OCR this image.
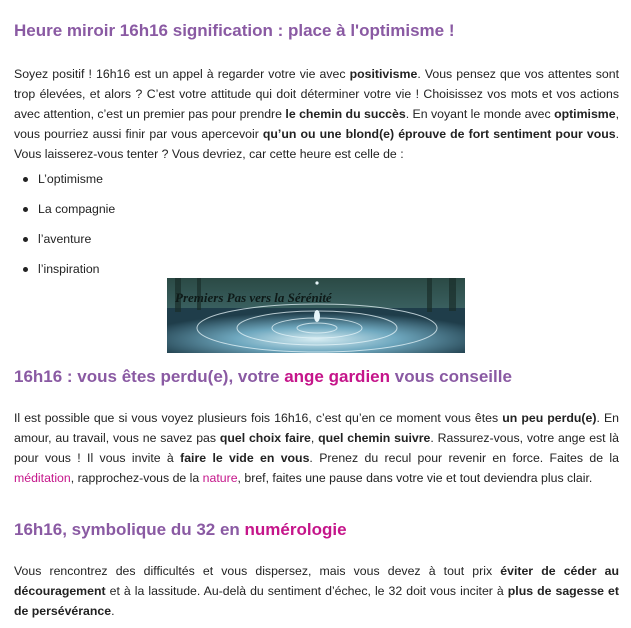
Heure miroir 16h16 signification : place à l'optimisme !

Soyez positif ! 16h16 est un appel à regarder votre vie avec positivisme. Vous pensez que vos attentes sont trop élevées, et alors ? C’est votre attitude qui doit déterminer votre vie ! Choisissez vos mots et vos actions avec attention, c’est un premier pas pour prendre le chemin du succès. En voyant le monde avec optimisme, vous pourriez aussi finir par vous apercevoir qu’un ou une blond(e) éprouve de fort sentiment pour vous. Vous laisserez-vous tenter ? Vous devriez, car cette heure est celle de :

L’optimisme
La compagnie
l’aventure
l’inspiration
Premiers Pas vers la Sérénité
16h16 : vous êtes perdu(e), votre ange gardien vous conseille

Il est possible que si vous voyez plusieurs fois 16h16, c’est qu’en ce moment vous êtes un peu perdu(e). En amour, au travail, vous ne savez pas quel choix faire, quel chemin suivre. Rassurez-vous, votre ange est là pour vous ! Il vous invite à faire le vide en vous. Prenez du recul pour revenir en force. Faites de la méditation, rapprochez-vous de la nature, bref, faites une pause dans votre vie et tout deviendra plus clair.

16h16, symbolique du 32 en numérologie

Vous rencontrez des difficultés et vous dispersez, mais vous devez à tout prix éviter de céder au découragement et à la lassitude. Au-delà du sentiment d’échec, le 32 doit vous inciter à plus de sagesse et de persévérance.
